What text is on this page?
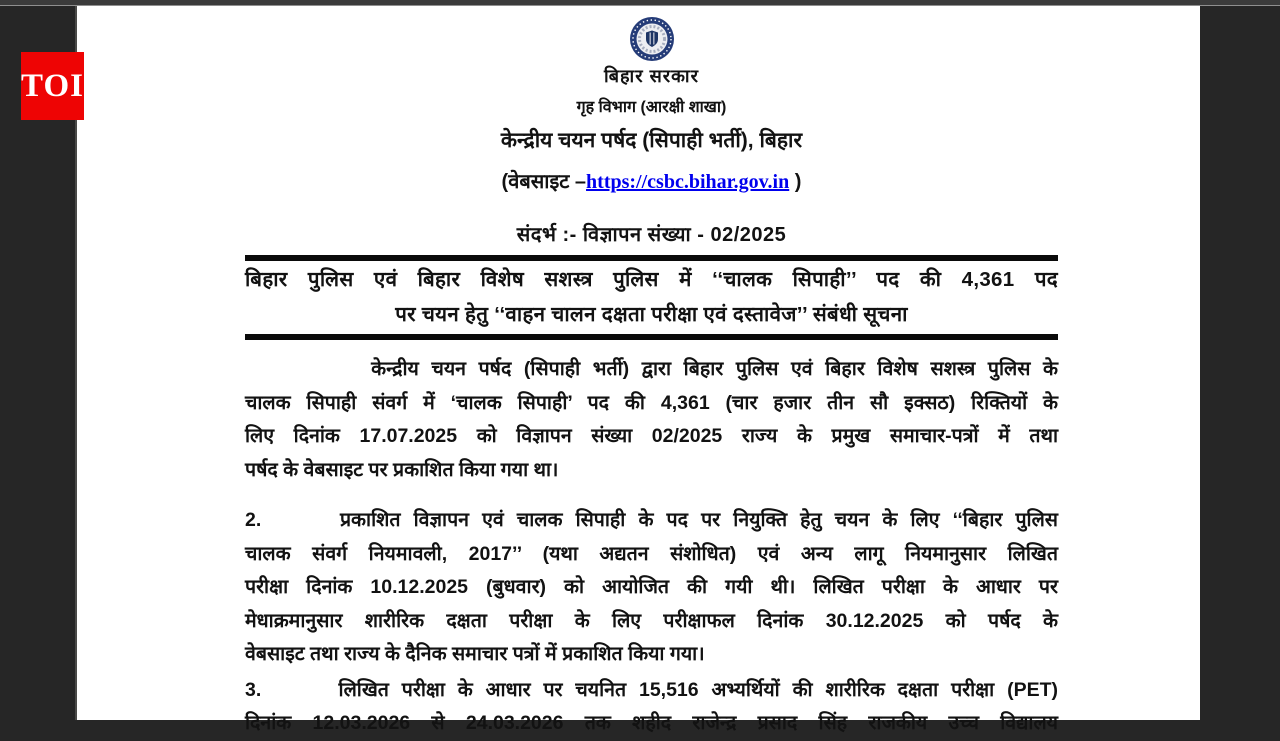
बिहार सरकार
गृह विभाग (आरक्षी शाखा)
केन्द्रीय चयन पर्षद (सिपाही भर्ती), बिहार
(वेबसाइट –https://csbc.bihar.gov.in )
संदर्भ :- विज्ञापन संख्या - 02/2025
बिहार पुलिस एवं बिहार विशेष सशस्त्र पुलिस में ‘‘चालक सिपाही’’ पद की 4,361 पद
पर चयन हेतु ‘‘वाहन चालन दक्षता परीक्षा एवं दस्तावेज’’ संबंधी सूचना
केन्द्रीय चयन पर्षद (सिपाही भर्ती) द्वारा बिहार पुलिस एवं बिहार विशेष सशस्त्र पुलिस के
चालक सिपाही संवर्ग में ‘चालक सिपाही’ पद की 4,361 (चार हजार तीन सौ इक्सठ) रिक्तियों के
लिए दिनांक 17.07.2025 को विज्ञापन संख्या 02/2025 राज्य के प्रमुख समाचार-पत्रों में तथा
पर्षद के वेबसाइट पर प्रकाशित किया गया था।
2.      प्रकाशित विज्ञापन एवं चालक सिपाही के पद पर नियुक्ति हेतु चयन के लिए ‘‘बिहार पुलिस
चालक संवर्ग नियमावली, 2017’’ (यथा अद्यतन संशोधित) एवं अन्य लागू नियमानुसार लिखित
परीक्षा दिनांक 10.12.2025 (बुधवार) को आयोजित की गयी थी। लिखित परीक्षा के आधार पर
मेधाक्रमानुसार शारीरिक दक्षता परीक्षा के लिए परीक्षाफल दिनांक 30.12.2025 को पर्षद के
वेबसाइट तथा राज्य के दैनिक समाचार पत्रों में प्रकाशित किया गया।
3.      लिखित परीक्षा के आधार पर चयनित 15,516 अभ्यर्थियों की शारीरिक दक्षता परीक्षा (PET)
दिनांक 12.03.2026 से 24.03.2026 तक शहीद राजेन्द्र प्रसाद सिंह राजकीय उच्च विद्यालय
TOI
